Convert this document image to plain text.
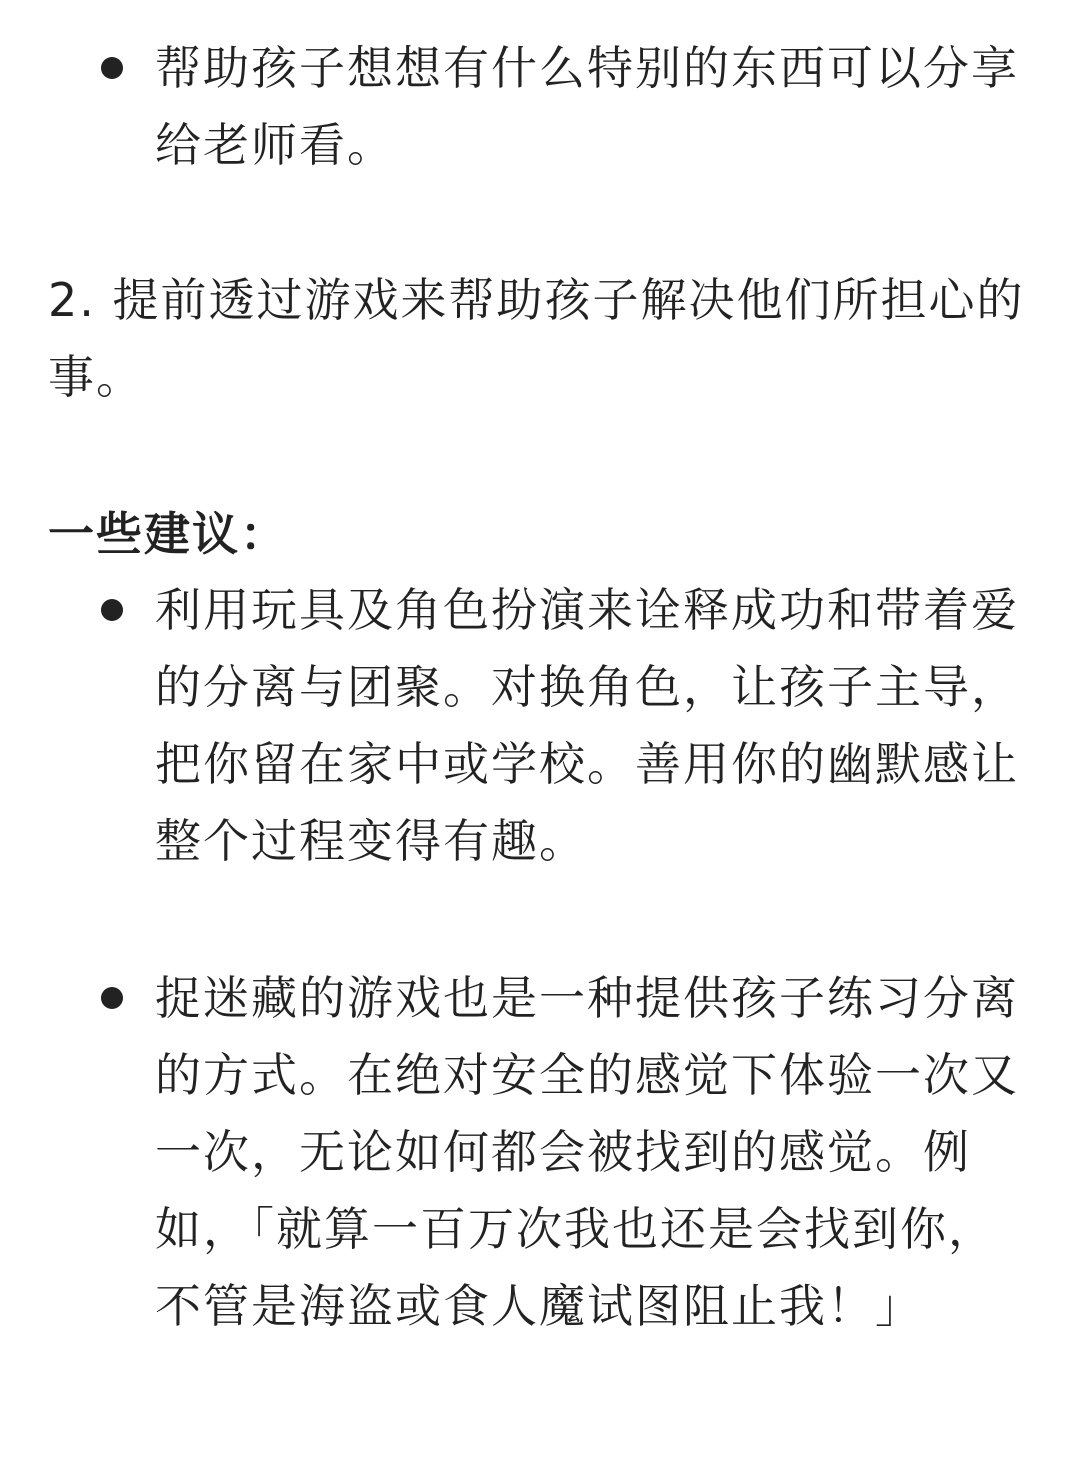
帮助孩子想想有什么特别的东西可以分享给老师看。

2. 提前透过游戏来帮助孩子解决他们所担心的事。

一些建议：

利用玩具及角色扮演来诠释成功和带着爱的分离与团聚。对换角色，让孩子主导，把你留在家中或学校。善用你的幽默感让整个过程变得有趣。

捉迷藏的游戏也是一种提供孩子练习分离的方式。在绝对安全的感觉下体验一次又一次，无论如何都会被找到的感觉。例如，「就算一百万次我也还是会找到你，不管是海盗或食人魔试图阻止我！」
